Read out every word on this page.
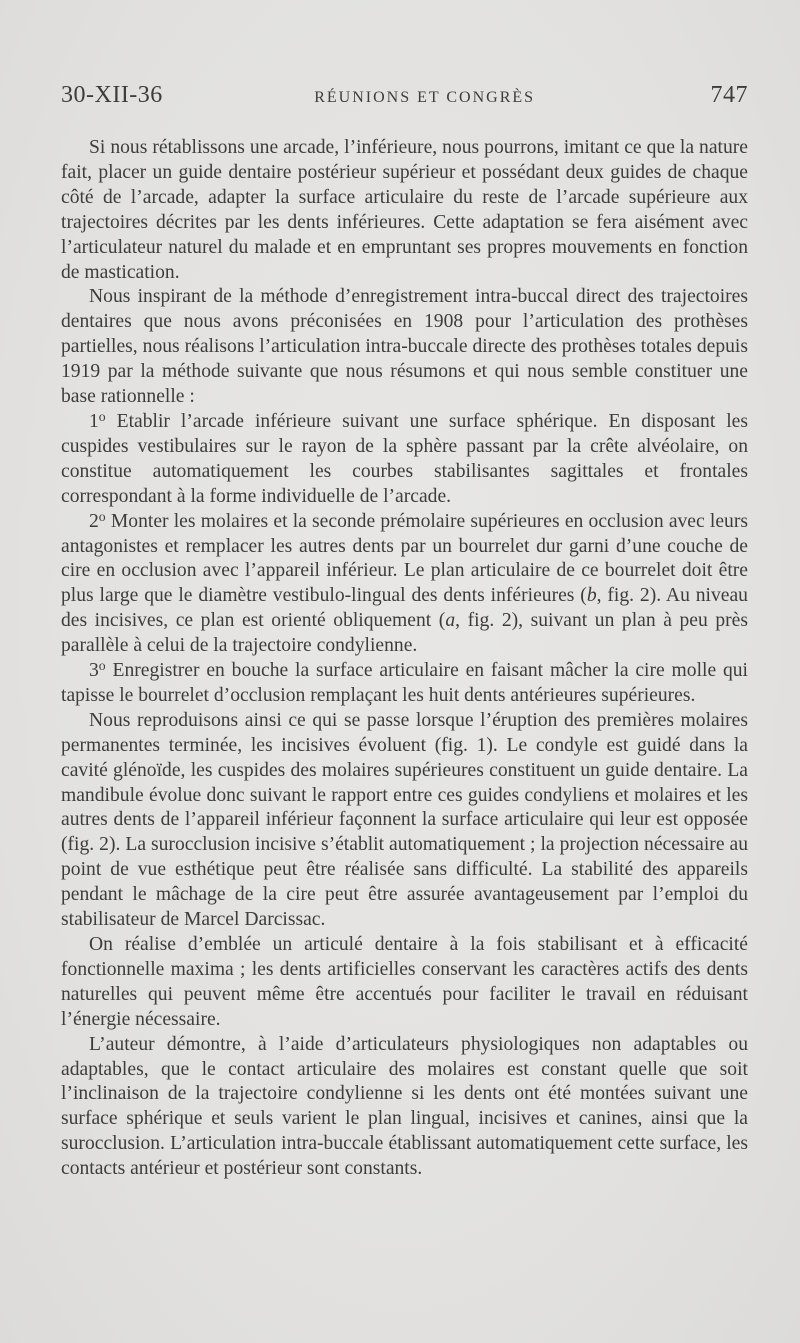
30-XII-36	RÉUNIONS ET CONGRÈS	747

Si nous rétablissons une arcade, l’inférieure, nous pourrons, imitant ce que la nature fait, placer un guide dentaire postérieur supérieur et possédant deux guides de chaque côté de l’arcade, adapter la surface articulaire du reste de l’arcade supérieure aux trajectoires décrites par les dents inférieures. Cette adaptation se fera aisément avec l’articulateur naturel du malade et en empruntant ses propres mouvements en fonction de mastication.

Nous inspirant de la méthode d’enregistrement intra-buccal direct des trajectoires dentaires que nous avons préconisées en 1908 pour l’articulation des prothèses partielles, nous réalisons l’articulation intra-buccale directe des prothèses totales depuis 1919 par la méthode suivante que nous résumons et qui nous semble constituer une base rationnelle :

1$^o$ Etablir l’arcade inférieure suivant une surface sphérique. En disposant les cuspides vestibulaires sur le rayon de la sphère passant par la crête alvéolaire, on constitue automatiquement les courbes stabilisantes sagittales et frontales correspondant à la forme individuelle de l’arcade.

2$^o$ Monter les molaires et la seconde prémolaire supérieures en occlusion avec leurs antagonistes et remplacer les autres dents par un bourrelet dur garni d’une couche de cire en occlusion avec l’appareil inférieur. Le plan articulaire de ce bourrelet doit être plus large que le diamètre vestibulo-lingual des dents inférieures (b, fig. 2). Au niveau des incisives, ce plan est orienté obliquement (a, fig. 2), suivant un plan à peu près parallèle à celui de la trajectoire condylienne.

3$^o$ Enregistrer en bouche la surface articulaire en faisant mâcher la cire molle qui tapisse le bourrelet d’occlusion remplaçant les huit dents antérieures supérieures.

Nous reproduisons ainsi ce qui se passe lorsque l’éruption des premières molaires permanentes terminée, les incisives évoluent (fig. 1). Le condyle est guidé dans la cavité glénoïde, les cuspides des molaires supérieures constituent un guide dentaire. La mandibule évolue donc suivant le rapport entre ces guides condyliens et molaires et les autres dents de l’appareil inférieur façonnent la surface articulaire qui leur est opposée (fig. 2). La surocclusion incisive s’établit automatiquement ; la projection nécessaire au point de vue esthétique peut être réalisée sans difficulté. La stabilité des appareils pendant le mâchage de la cire peut être assurée avantageusement par l’emploi du stabilisateur de Marcel Darcissac.

On réalise d’emblée un articulé dentaire à la fois stabilisant et à efficacité fonctionnelle maxima ; les dents artificielles conservant les caractères actifs des dents naturelles qui peuvent même être accentués pour faciliter le travail en réduisant l’énergie nécessaire.

L’auteur démontre, à l’aide d’articulateurs physiologiques non adaptables ou adaptables, que le contact articulaire des molaires est constant quelle que soit l’inclinaison de la trajectoire condylienne si les dents ont été montées suivant une surface sphérique et seuls varient le plan lingual, incisives et canines, ainsi que la surocclusion. L’articulation intra-buccale établissant automatiquement cette surface, les contacts antérieur et postérieur sont constants.
